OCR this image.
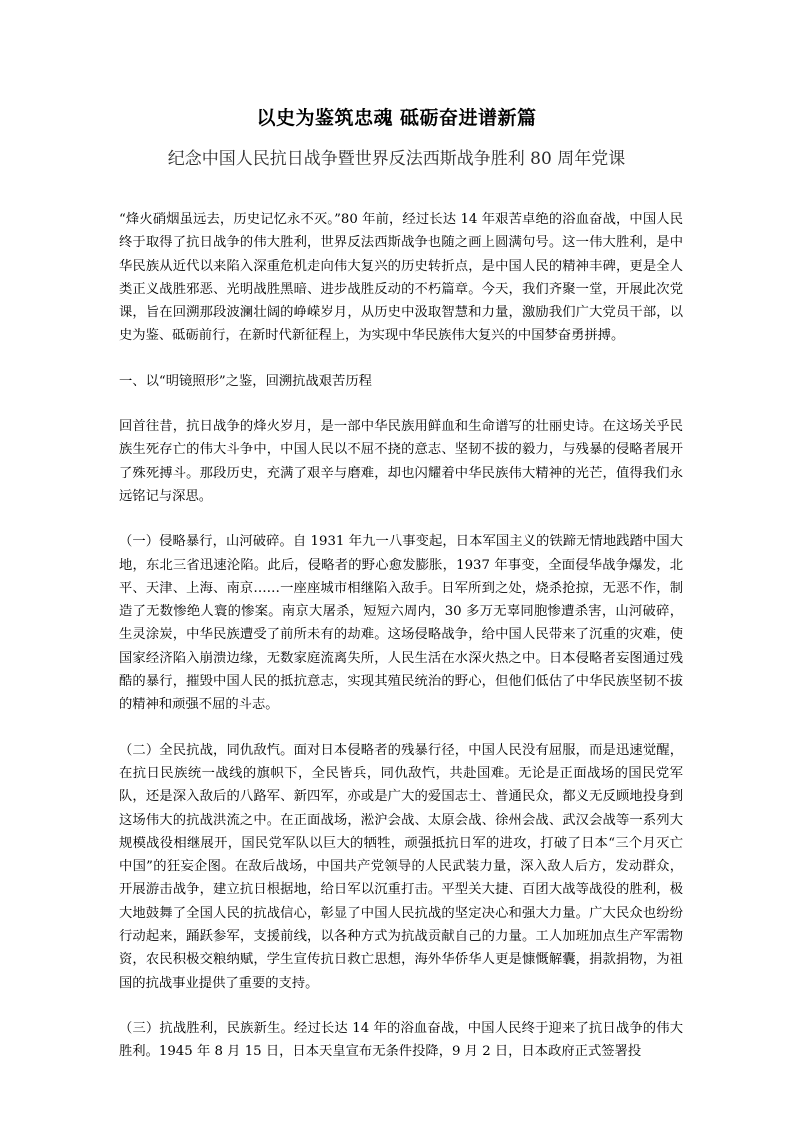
以史为鉴筑忠魂 砥砺奋进谱新篇
纪念中国人民抗日战争暨世界反法西斯战争胜利 80 周年党课

“烽火硝烟虽远去，历史记忆永不灭。”80 年前，经过长达 14 年艰苦卓绝的浴血奋战，中国人民终于取得了抗日战争的伟大胜利，世界反法西斯战争也随之画上圆满句号。这一伟大胜利，是中华民族从近代以来陷入深重危机走向伟大复兴的历史转折点，是中国人民的精神丰碑，更是全人类正义战胜邪恶、光明战胜黑暗、进步战胜反动的不朽篇章。今天，我们齐聚一堂，开展此次党课，旨在回溯那段波澜壮阔的峥嵘岁月，从历史中汲取智慧和力量，激励我们广大党员干部，以史为鉴、砥砺前行，在新时代新征程上，为实现中华民族伟大复兴的中国梦奋勇拼搏。

一、以“明镜照形”之鉴，回溯抗战艰苦历程

回首往昔，抗日战争的烽火岁月，是一部中华民族用鲜血和生命谱写的壮丽史诗。在这场关乎民族生死存亡的伟大斗争中，中国人民以不屈不挠的意志、坚韧不拔的毅力，与残暴的侵略者展开了殊死搏斗。那段历史，充满了艰辛与磨难，却也闪耀着中华民族伟大精神的光芒，值得我们永远铭记与深思。

（一）侵略暴行，山河破碎。自 1931 年九一八事变起，日本军国主义的铁蹄无情地践踏中国大地，东北三省迅速沦陷。此后，侵略者的野心愈发膨胀，1937 年事变，全面侵华战争爆发，北平、天津、上海、南京……一座座城市相继陷入敌手。日军所到之处，烧杀抢掠，无恶不作，制造了无数惨绝人寰的惨案。南京大屠杀，短短六周内，30 多万无辜同胞惨遭杀害，山河破碎，生灵涂炭，中华民族遭受了前所未有的劫难。这场侵略战争，给中国人民带来了沉重的灾难，使国家经济陷入崩溃边缘，无数家庭流离失所，人民生活在水深火热之中。日本侵略者妄图通过残酷的暴行，摧毁中国人民的抵抗意志，实现其殖民统治的野心，但他们低估了中华民族坚韧不拔的精神和顽强不屈的斗志。

（二）全民抗战，同仇敌忾。面对日本侵略者的残暴行径，中国人民没有屈服，而是迅速觉醒，在抗日民族统一战线的旗帜下，全民皆兵，同仇敌忾，共赴国难。无论是正面战场的国民党军队，还是深入敌后的八路军、新四军，亦或是广大的爱国志士、普通民众，都义无反顾地投身到这场伟大的抗战洪流之中。在正面战场，淞沪会战、太原会战、徐州会战、武汉会战等一系列大规模战役相继展开，国民党军队以巨大的牺牲，顽强抵抗日军的进攻，打破了日本“三个月灭亡中国”的狂妄企图。在敌后战场，中国共产党领导的人民武装力量，深入敌人后方，发动群众，开展游击战争，建立抗日根据地，给日军以沉重打击。平型关大捷、百团大战等战役的胜利，极大地鼓舞了全国人民的抗战信心，彰显了中国人民抗战的坚定决心和强大力量。广大民众也纷纷行动起来，踊跃参军，支援前线，以各种方式为抗战贡献自己的力量。工人加班加点生产军需物资，农民积极交粮纳赋，学生宣传抗日救亡思想，海外华侨华人更是慷慨解囊，捐款捐物，为祖国的抗战事业提供了重要的支持。

（三）抗战胜利，民族新生。经过长达 14 年的浴血奋战，中国人民终于迎来了抗日战争的伟大胜利。1945 年 8 月 15 日，日本天皇宣布无条件投降，9 月 2 日，日本政府正式签署投
